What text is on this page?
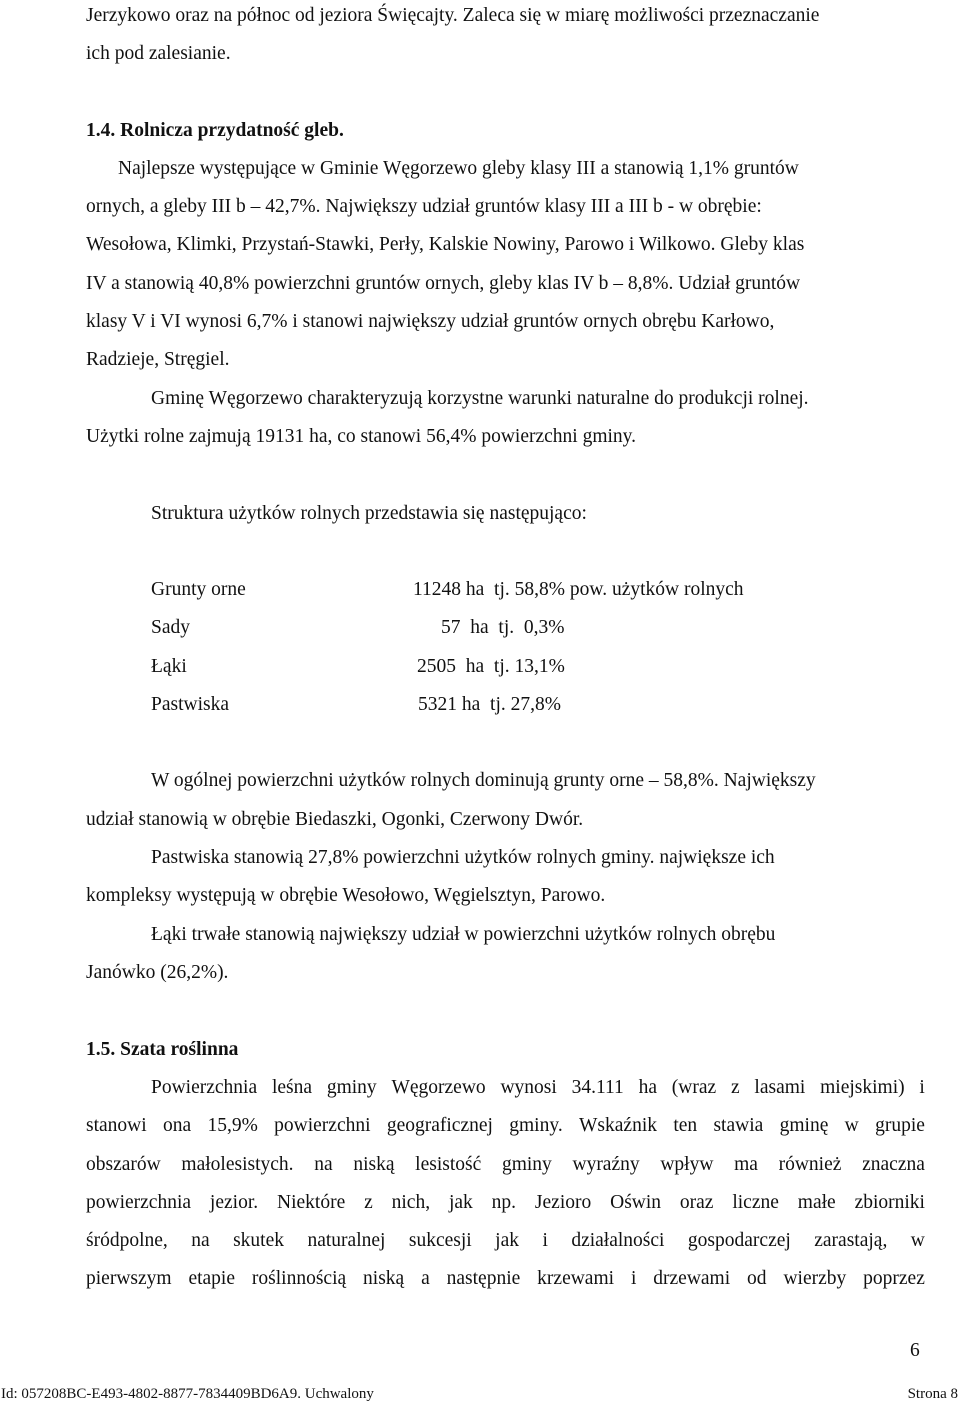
Jerzykowo oraz na północ od jeziora Święcajty. Zaleca się w miarę możliwości przeznaczanie
ich pod zalesianie.
1.4. Rolnicza przydatność gleb.
Najlepsze występujące w Gminie Węgorzewo gleby klasy III a stanowią 1,1% gruntów
ornych, a gleby III b – 42,7%. Największy udział gruntów klasy III a III b - w obrębie:
Wesołowa, Klimki, Przystań-Stawki, Perły, Kalskie Nowiny, Parowo i Wilkowo. Gleby klas
IV a stanowią 40,8% powierzchni gruntów ornych, gleby klas IV b – 8,8%. Udział gruntów
klasy V i VI wynosi 6,7% i stanowi największy udział gruntów ornych obrębu Karłowo,
Radzieje, Stręgiel.
Gminę Węgorzewo charakteryzują korzystne warunki naturalne do produkcji rolnej.
Użytki rolne zajmują 19131 ha, co stanowi 56,4% powierzchni gminy.
Struktura użytków rolnych przedstawia się następująco:
Grunty orne	11248 ha  tj. 58,8% pow. użytków rolnych
Sady	57  ha  tj.  0,3%
Łąki	2505  ha  tj. 13,1%
Pastwiska	5321 ha  tj. 27,8%
W ogólnej powierzchni użytków rolnych dominują grunty orne – 58,8%. Największy
udział stanowią w obrębie Biedaszki, Ogonki, Czerwony Dwór.
Pastwiska stanowią 27,8% powierzchni użytków rolnych gminy. największe ich
kompleksy występują w obrębie Wesołowo, Węgielsztyn, Parowo.
Łąki trwałe stanowią największy udział w powierzchni użytków rolnych obrębu
Janówko (26,2%).
1.5. Szata roślinna
Powierzchnia leśna gminy Węgorzewo wynosi 34.111 ha (wraz z lasami miejskimi) i
stanowi ona 15,9% powierzchni geograficznej gminy. Wskaźnik ten stawia gminę w grupie
obszarów małolesistych. na niską lesistość gminy wyraźny wpływ ma również znaczna
powierzchnia jezior. Niektóre z nich, jak np. Jezioro Oświn oraz liczne małe zbiorniki
śródpolne, na skutek naturalnej sukcesji jak i działalności gospodarczej zarastają, w
pierwszym etapie roślinnością niską a następnie krzewami i drzewami od wierzby poprzez
6
Id: 057208BC-E493-4802-8877-7834409BD6A9. Uchwalony	Strona 8
